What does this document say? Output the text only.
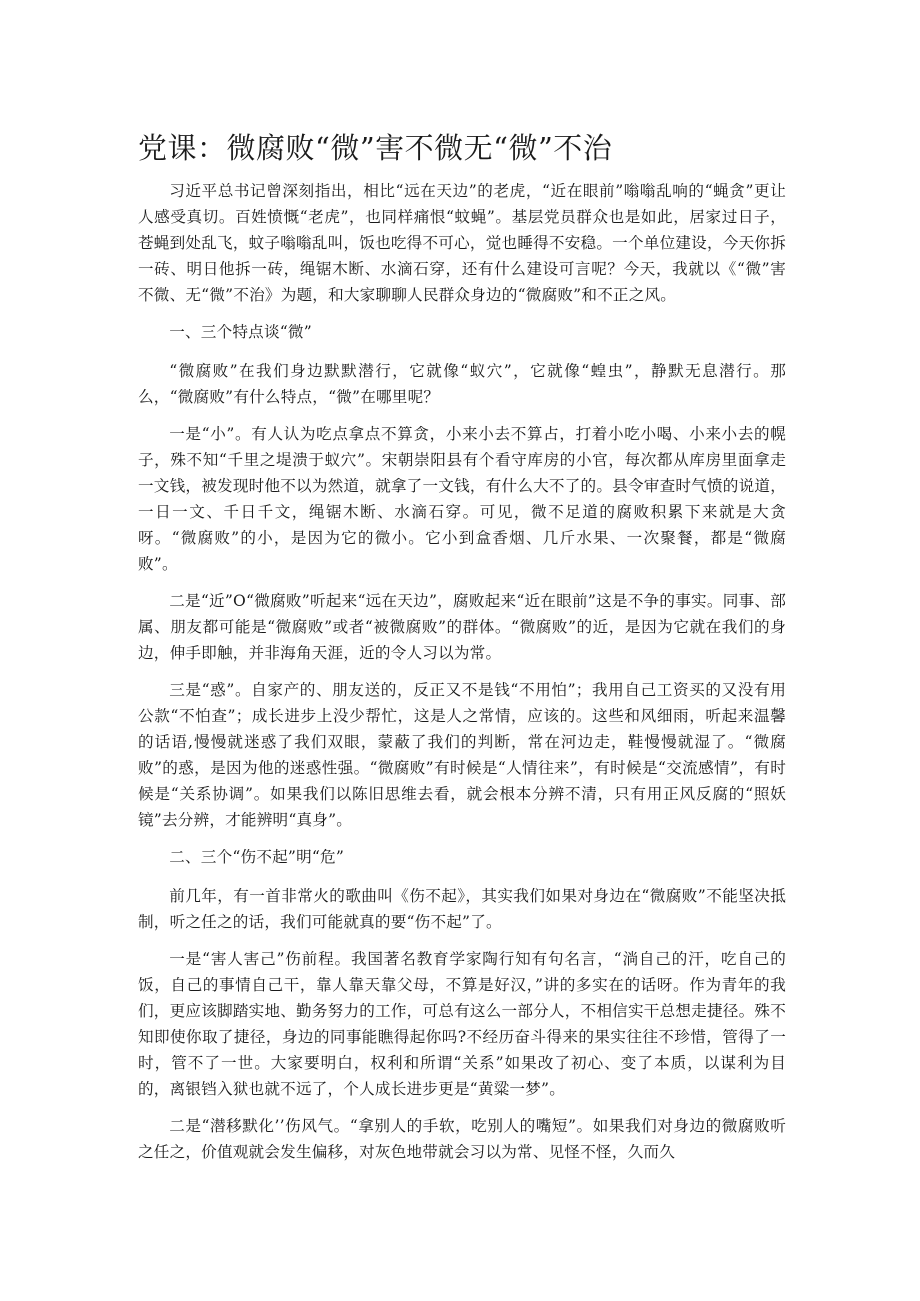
党课：微腐败“微”害不微无“微”不治

习近平总书记曾深刻指出，相比“远在天边”的老虎，“近在眼前”嗡嗡乱响的“蝇贪”更让人感受真切。百姓愤慨“老虎”，也同样痛恨“蚊蝇”。基层党员群众也是如此，居家过日子，苍蝇到处乱飞，蚊子嗡嗡乱叫，饭也吃得不可心，觉也睡得不安稳。一个单位建设，今天你拆一砖、明日他拆一砖，绳锯木断、水滴石穿，还有什么建设可言呢？今天，我就以《“微”害不微、无“微”不治》为题，和大家聊聊人民群众身边的“微腐败”和不正之风。

一、三个特点谈“微”

“微腐败”在我们身边默默潜行，它就像“蚁穴”，它就像“蝗虫”，静默无息潜行。那么，“微腐败”有什么特点，“微”在哪里呢？

一是“小”。有人认为吃点拿点不算贪，小来小去不算占，打着小吃小喝、小来小去的幌子，殊不知“千里之堤溃于蚁穴”。宋朝崇阳县有个看守库房的小官，每次都从库房里面拿走一文钱，被发现时他不以为然道，就拿了一文钱，有什么大不了的。县令审查时气愤的说道，一日一文、千日千文，绳锯木断、水滴石穿。可见，微不足道的腐败积累下来就是大贪呀。“微腐败”的小，是因为它的微小。它小到盒香烟、几斤水果、一次聚餐，都是“微腐败”。

二是“近”O“微腐败”听起来“远在天边”，腐败起来“近在眼前”这是不争的事实。同事、部属、朋友都可能是“微腐败”或者“被微腐败”的群体。“微腐败”的近，是因为它就在我们的身边，伸手即触，并非海角天涯，近的令人习以为常。

三是“惑”。自家产的、朋友送的，反正又不是钱“不用怕”；我用自己工资买的又没有用公款“不怕查”；成长进步上没少帮忙，这是人之常情，应该的。这些和风细雨，听起来温馨的话语,慢慢就迷惑了我们双眼，蒙蔽了我们的判断，常在河边走，鞋慢慢就湿了。“微腐败”的惑，是因为他的迷惑性强。“微腐败”有时候是“人情往来”，有时候是“交流感情”，有时候是“关系协调”。如果我们以陈旧思维去看，就会根本分辨不清，只有用正风反腐的“照妖镜”去分辨，才能辨明“真身”。

二、三个“伤不起”明“危”

前几年，有一首非常火的歌曲叫《伤不起》，其实我们如果对身边在“微腐败”不能坚决抵制，听之任之的话，我们可能就真的要“伤不起”了。

一是“害人害己”伤前程。我国著名教育学家陶行知有句名言，“淌自己的汗，吃自己的饭，自己的事情自己干，靠人靠天靠父母，不算是好汉，”讲的多实在的话呀。作为青年的我们，更应该脚踏实地、勤务努力的工作，可总有这么一部分人，不相信实干总想走捷径。殊不知即使你取了捷径，身边的同事能瞧得起你吗?不经历奋斗得来的果实往往不珍惜，管得了一时，管不了一世。大家要明白，权利和所谓“关系”如果改了初心、变了本质，以谋利为目的，离银铛入狱也就不远了，个人成长进步更是“黄粱一梦”。

二是“潜移默化’’伤风气。“拿别人的手软，吃别人的嘴短”。如果我们对身边的微腐败听之任之，价值观就会发生偏移，对灰色地带就会习以为常、见怪不怪，久而久
